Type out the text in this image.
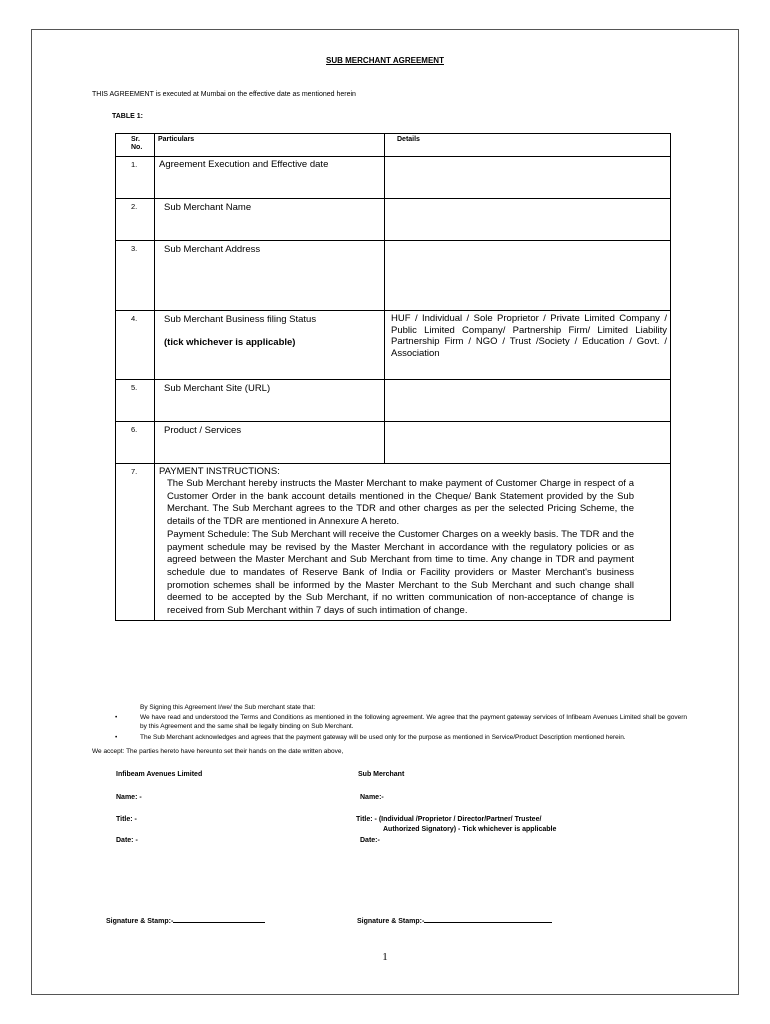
SUB MERCHANT AGREEMENT
THIS AGREEMENT is executed at Mumbai on the effective date as mentioned herein
TABLE 1:
Sr.
No.	Particulars	Details

1.	Agreement Execution and Effective date	
2.	Sub Merchant Name	
3.	Sub Merchant Address	
4.	Sub Merchant Business filing Status
(tick whichever is applicable)	HUF / Individual / Sole Proprietor / Private Limited Company / Public Limited Company/ Partnership Firm/ Limited Liability Partnership Firm / NGO / Trust /Society / Education / Govt. / Association

5.	Sub Merchant Site (URL)	
6.	Product / Services	
7.	PAYMENT INSTRUCTIONS:

The Sub Merchant hereby instructs the Master Merchant to make payment of Customer Charge in respect of a Customer Order in the bank account details mentioned in the Cheque/ Bank Statement provided by the Sub Merchant. The Sub Merchant agrees to the TDR and other charges as per the selected Pricing Scheme, the details of the TDR are mentioned in Annexure A hereto.

Payment Schedule: The Sub Merchant will receive the Customer Charges on a weekly basis. The TDR and the payment schedule may be revised by the Master Merchant in accordance with the regulatory policies or as agreed between the Master Merchant and Sub Merchant from time to time. Any change in TDR and payment schedule due to mandates of Reserve Bank of India or Facility providers or Master Merchant's business promotion schemes shall be informed by the Master Merchant to the Sub Merchant and such change shall deemed to be accepted by the Sub Merchant, if no written communication of non-acceptance of change is received from Sub Merchant within 7 days of such intimation of change.	

By Signing this Agreement I/we/ the Sub merchant state that:
•	We have read and understood the Terms and Conditions as mentioned in the following agreement. We agree that the payment gateway services of Infibeam Avenues Limited shall be govern by this Agreement and the same shall be legally binding on Sub Merchant.
•	The Sub Merchant acknowledges and agrees that the payment gateway will be used only for the purpose as mentioned in Service/Product Description mentioned herein.
We accept: The parties hereto have hereunto set their hands on the date written above,
Infibeam Avenues Limited	Sub Merchant
Name: -	Name:-
Title: -	Title: - (Individual /Proprietor / Director/Partner/ Trustee/
Authorized Signatory) - Tick whichever is applicable
Date: -	Date:-
Signature & Stamp:-	Signature & Stamp:-
1
